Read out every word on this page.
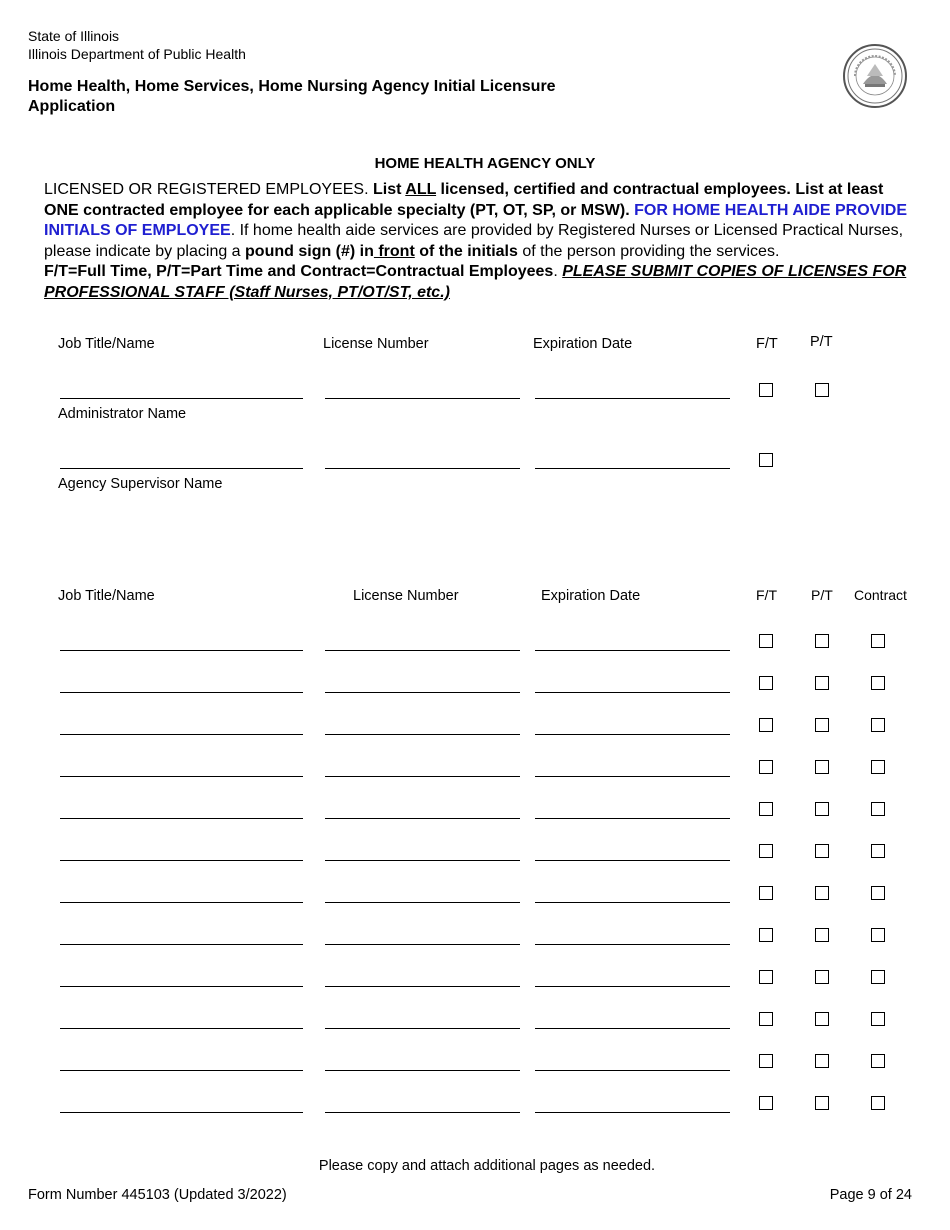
State of Illinois
Illinois Department of Public Health
Home Health, Home Services, Home Nursing Agency Initial Licensure
Application
HOME HEALTH AGENCY ONLY
LICENSED OR REGISTERED EMPLOYEES. List ALL licensed, certified and contractual employees. List at least ONE contracted employee for each applicable specialty (PT, OT, SP, or MSW). FOR HOME HEALTH AIDE PROVIDE INITIALS OF EMPLOYEE. If home health aide services are provided by Registered Nurses or Licensed Practical Nurses, please indicate by placing a pound sign (#) in front of the initials of the person providing the services.
F/T=Full Time, P/T=Part Time and Contract=Contractual Employees. PLEASE SUBMIT COPIES OF LICENSES FOR PROFESSIONAL STAFF (Staff Nurses, PT/OT/ST, etc.)
Job Title/Name	License Number	Expiration Date	F/T P/T
Administrator Name
Agency Supervisor Name
Job Title/Name	License Number	Expiration Date	F/T P/T Contract
Please copy and attach additional pages as needed.
Form Number 445103 (Updated 3/2022)	Page 9 of 24
